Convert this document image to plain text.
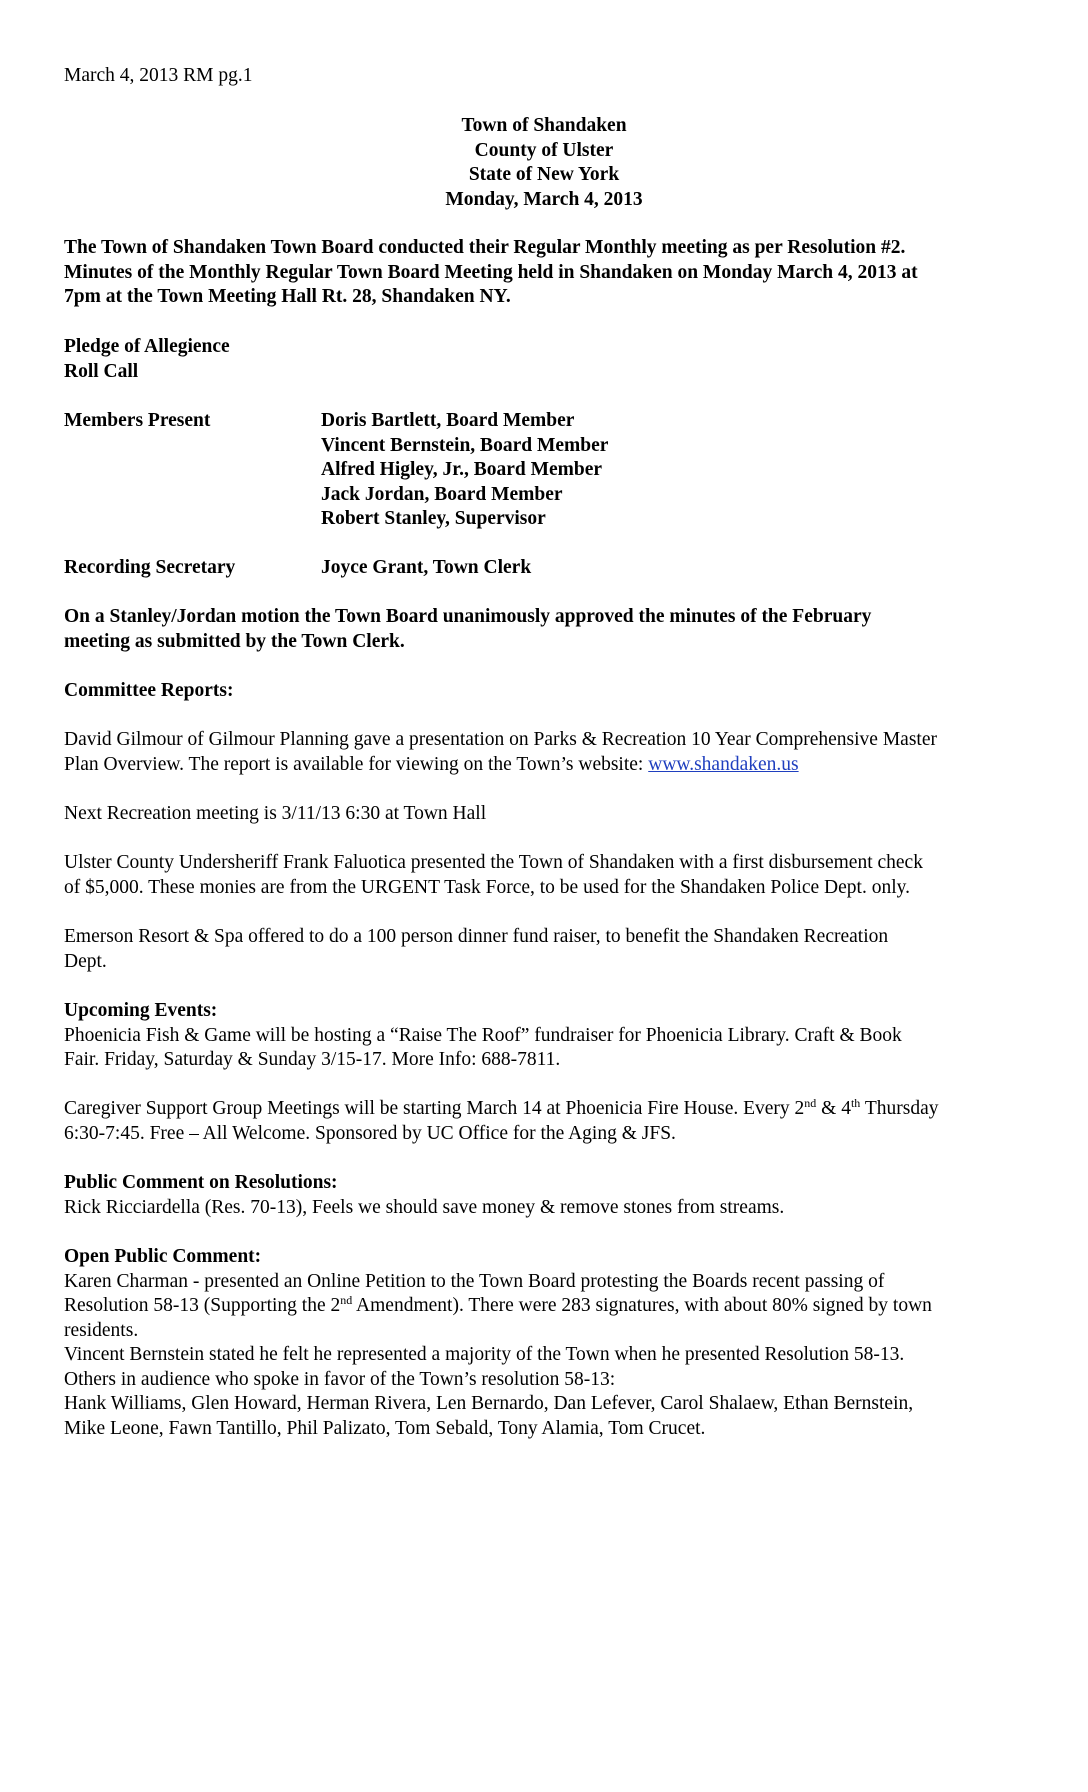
March 4, 2013 RM pg.1
Town of Shandaken
County of Ulster
State of New York
Monday, March 4, 2013
The Town of Shandaken Town Board conducted their Regular Monthly meeting as per Resolution #2.
Minutes of the Monthly Regular Town Board Meeting held in Shandaken on Monday March 4, 2013 at
7pm at the Town Meeting Hall Rt. 28, Shandaken NY.
Pledge of Allegience
Roll Call
Members Present	Doris Bartlett, Board Member
Vincent Bernstein, Board Member
Alfred Higley, Jr., Board Member
Jack Jordan, Board Member
Robert Stanley, Supervisor
Recording Secretary	Joyce Grant, Town Clerk
On a Stanley/Jordan motion the Town Board unanimously approved the minutes of the February
meeting as submitted by the Town Clerk.
Committee Reports:
David Gilmour of Gilmour Planning gave a presentation on Parks & Recreation 10 Year Comprehensive Master
Plan Overview. The report is available for viewing on the Town’s website: www.shandaken.us
Next Recreation meeting is 3/11/13 6:30 at Town Hall
Ulster County Undersheriff Frank Faluotica presented the Town of Shandaken with a first disbursement check
of $5,000. These monies are from the URGENT Task Force, to be used for the Shandaken Police Dept. only.
Emerson Resort & Spa offered to do a 100 person dinner fund raiser, to benefit the Shandaken Recreation
Dept.
Upcoming Events:
Phoenicia Fish & Game will be hosting a “Raise The Roof” fundraiser for Phoenicia Library. Craft & Book
Fair. Friday, Saturday & Sunday 3/15-17. More Info: 688-7811.
Caregiver Support Group Meetings will be starting March 14 at Phoenicia Fire House. Every 2nd & 4th Thursday
6:30-7:45. Free – All Welcome. Sponsored by UC Office for the Aging & JFS.
Public Comment on Resolutions:
Rick Ricciardella (Res. 70-13), Feels we should save money & remove stones from streams.
Open Public Comment:
Karen Charman - presented an Online Petition to the Town Board protesting the Boards recent passing of
Resolution 58-13 (Supporting the 2nd Amendment). There were 283 signatures, with about 80% signed by town
residents.
Vincent Bernstein stated he felt he represented a majority of the Town when he presented Resolution 58-13.
Others in audience who spoke in favor of the Town’s resolution 58-13:
Hank Williams, Glen Howard, Herman Rivera, Len Bernardo, Dan Lefever, Carol Shalaew, Ethan Bernstein,
Mike Leone, Fawn Tantillo, Phil Palizato, Tom Sebald, Tony Alamia, Tom Crucet.
